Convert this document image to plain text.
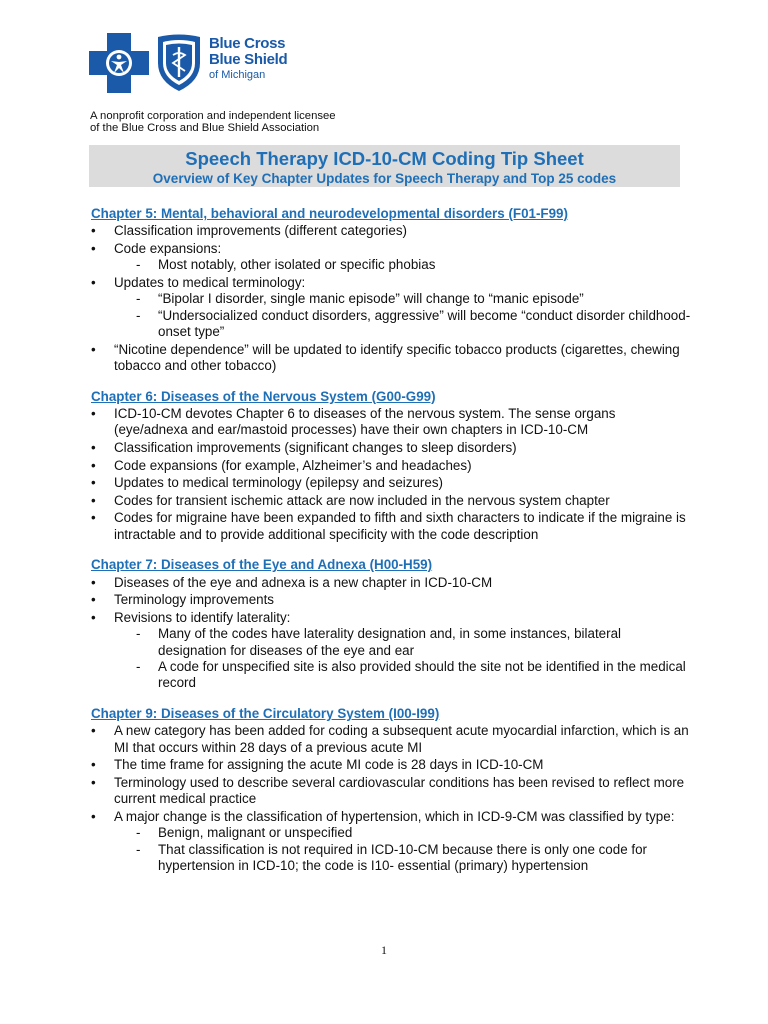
Blue Cross
Blue Shield
of Michigan
A nonprofit corporation and independent licensee
of the Blue Cross and Blue Shield Association
Speech Therapy ICD-10-CM Coding Tip Sheet
Overview of Key Chapter Updates for Speech Therapy and Top 25 codes
Chapter 5: Mental, behavioral and neurodevelopmental disorders (F01-F99)
• Classification improvements (different categories)
• Code expansions:
- Most notably, other isolated or specific phobias
• Updates to medical terminology:
- “Bipolar I disorder, single manic episode” will change to “manic episode”
- “Undersocialized conduct disorders, aggressive” will become “conduct disorder childhood-onset type”
• “Nicotine dependence” will be updated to identify specific tobacco products (cigarettes, chewing tobacco and other tobacco)
Chapter 6: Diseases of the Nervous System (G00-G99)
• ICD-10-CM devotes Chapter 6 to diseases of the nervous system. The sense organs (eye/adnexa and ear/mastoid processes) have their own chapters in ICD-10-CM
• Classification improvements (significant changes to sleep disorders)
• Code expansions (for example, Alzheimer’s and headaches)
• Updates to medical terminology (epilepsy and seizures)
• Codes for transient ischemic attack are now included in the nervous system chapter
• Codes for migraine have been expanded to fifth and sixth characters to indicate if the migraine is intractable and to provide additional specificity with the code description
Chapter 7: Diseases of the Eye and Adnexa (H00-H59)
• Diseases of the eye and adnexa is a new chapter in ICD-10-CM
• Terminology improvements
• Revisions to identify laterality:
- Many of the codes have laterality designation and, in some instances, bilateral designation for diseases of the eye and ear
- A code for unspecified site is also provided should the site not be identified in the medical record
Chapter 9: Diseases of the Circulatory System (I00-I99)
• A new category has been added for coding a subsequent acute myocardial infarction, which is an MI that occurs within 28 days of a previous acute MI
• The time frame for assigning the acute MI code is 28 days in ICD-10-CM
• Terminology used to describe several cardiovascular conditions has been revised to reflect more current medical practice
• A major change is the classification of hypertension, which in ICD-9-CM was classified by type:
- Benign, malignant or unspecified
- That classification is not required in ICD-10-CM because there is only one code for hypertension in ICD-10; the code is I10- essential (primary) hypertension
1
